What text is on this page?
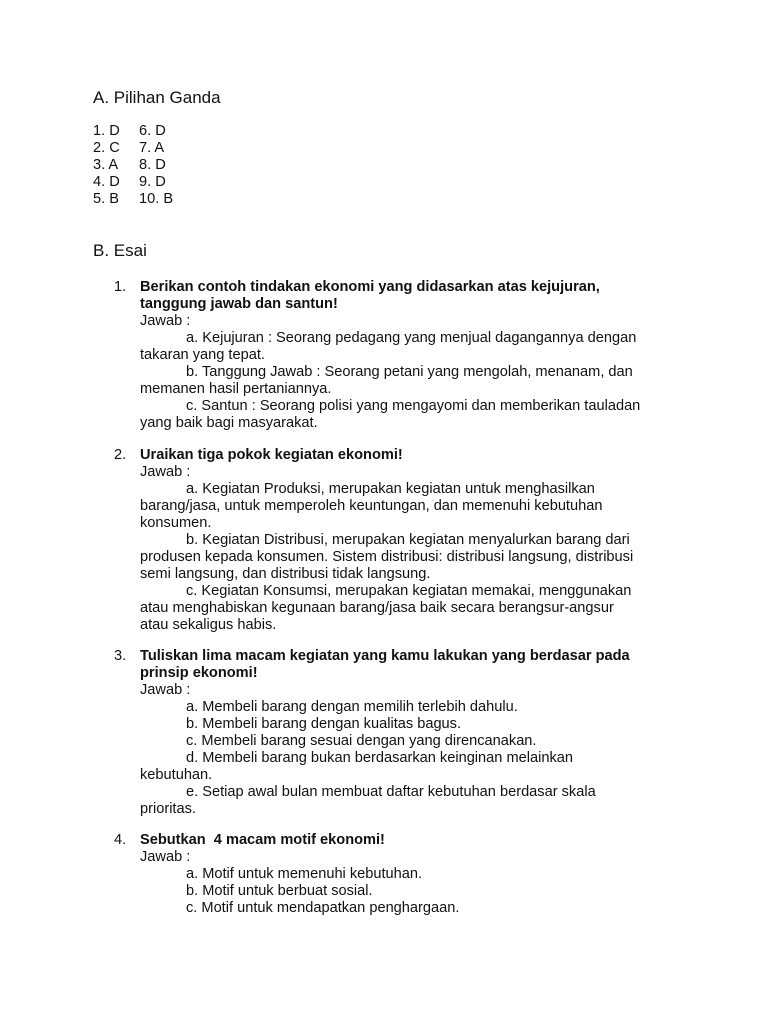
A. Pilihan Ganda
1. D 6. D
2. C 7. A
3. A 8. D
4. D 9. D
5. B 10. B
B. Esai
1. Berikan contoh tindakan ekonomi yang didasarkan atas kejujuran,
tanggung jawab dan santun!
Jawab :
a. Kejujuran : Seorang pedagang yang menjual dagangannya dengan
takaran yang tepat.
b. Tanggung Jawab : Seorang petani yang mengolah, menanam, dan
memanen hasil pertaniannya.
c. Santun : Seorang polisi yang mengayomi dan memberikan tauladan
yang baik bagi masyarakat.
2. Uraikan tiga pokok kegiatan ekonomi!
Jawab :
a. Kegiatan Produksi, merupakan kegiatan untuk menghasilkan
barang/jasa, untuk memperoleh keuntungan, dan memenuhi kebutuhan
konsumen.
b. Kegiatan Distribusi, merupakan kegiatan menyalurkan barang dari
produsen kepada konsumen. Sistem distribusi: distribusi langsung, distribusi
semi langsung, dan distribusi tidak langsung.
c. Kegiatan Konsumsi, merupakan kegiatan memakai, menggunakan
atau menghabiskan kegunaan barang/jasa baik secara berangsur-angsur
atau sekaligus habis.
3. Tuliskan lima macam kegiatan yang kamu lakukan yang berdasar pada
prinsip ekonomi!
Jawab :
a. Membeli barang dengan memilih terlebih dahulu.
b. Membeli barang dengan kualitas bagus.
c. Membeli barang sesuai dengan yang direncanakan.
d. Membeli barang bukan berdasarkan keinginan melainkan
kebutuhan.
e. Setiap awal bulan membuat daftar kebutuhan berdasar skala
prioritas.
4. Sebutkan  4 macam motif ekonomi!
Jawab :
a. Motif untuk memenuhi kebutuhan.
b. Motif untuk berbuat sosial.
c. Motif untuk mendapatkan penghargaan.
